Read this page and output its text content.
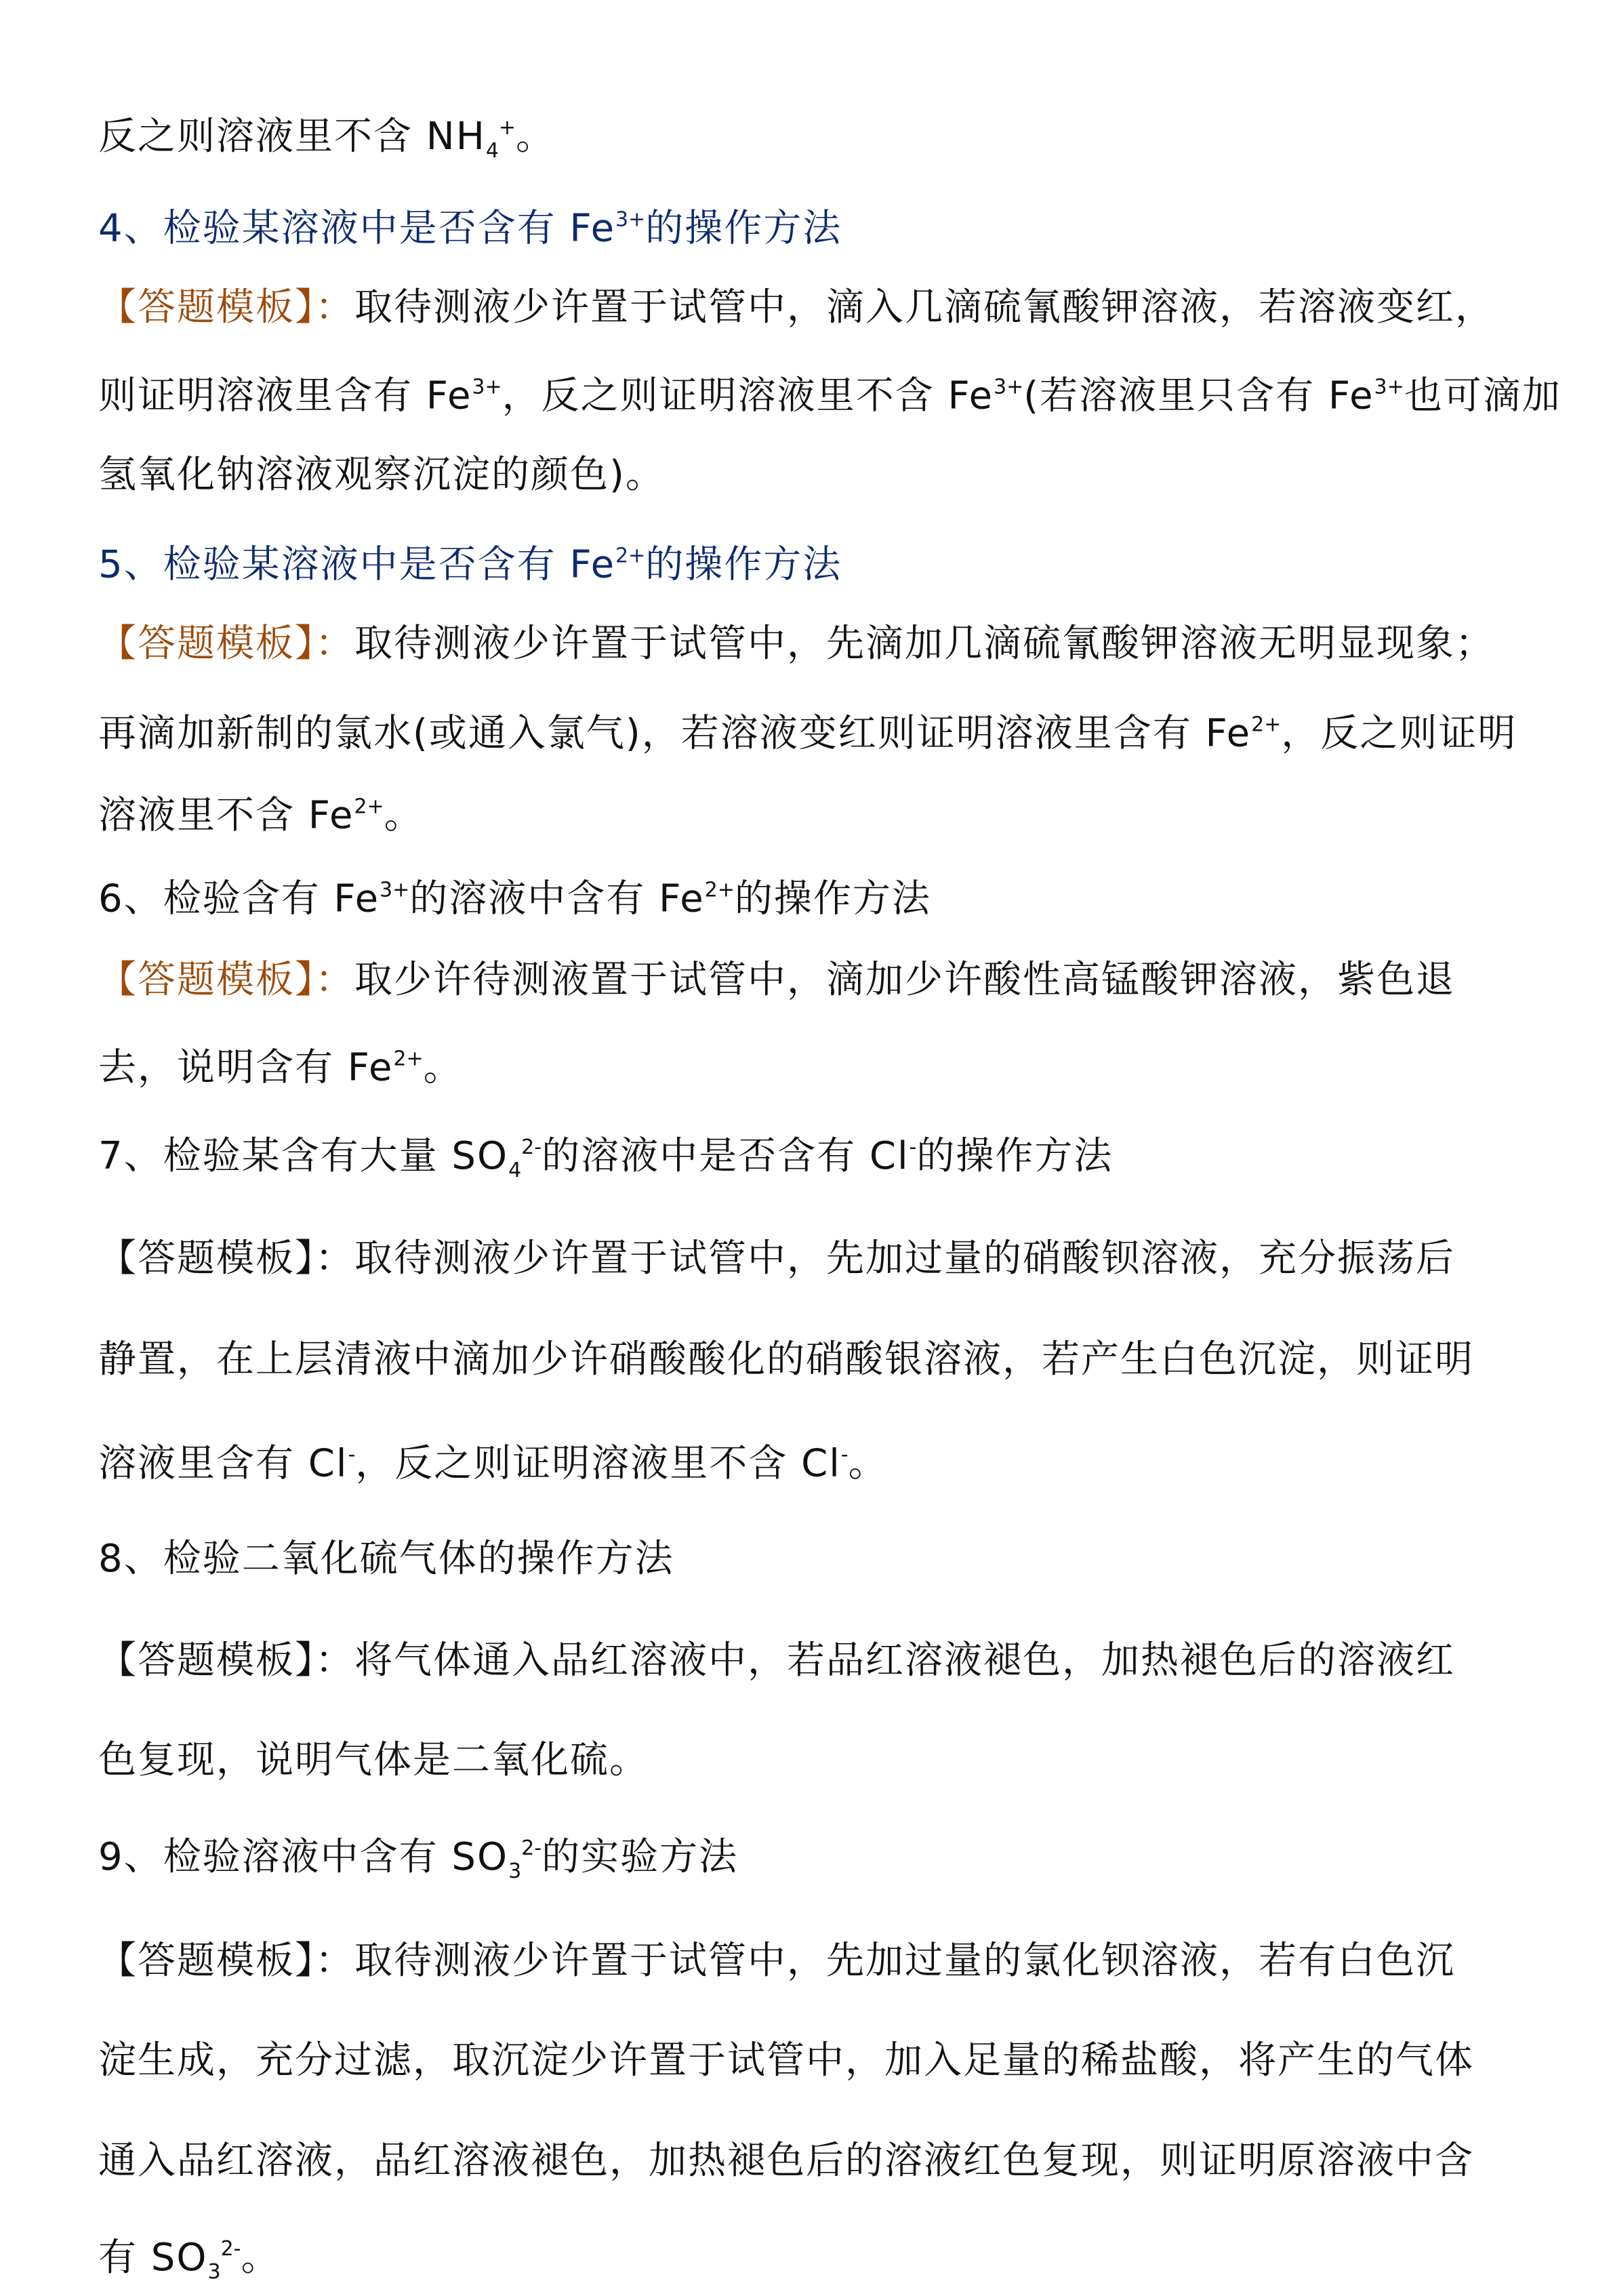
反之则溶液里不含 $NH_4^+$。
4、检验某溶液中是否含有 $Fe^{3+}$的操作方法
【答题模板】：取待测液少许置于试管中，滴入几滴硫氰酸钾溶液，若溶液变红，
则证明溶液里含有 $Fe^{3+}$，反之则证明溶液里不含 $Fe^{3+}$(若溶液里只含有 $Fe^{3+}$也可滴加
氢氧化钠溶液观察沉淀的颜色)。
5、检验某溶液中是否含有 $Fe^{2+}$的操作方法
【答题模板】：取待测液少许置于试管中，先滴加几滴硫氰酸钾溶液无明显现象；
再滴加新制的氯水(或通入氯气)，若溶液变红则证明溶液里含有 $Fe^{2+}$，反之则证明
溶液里不含 $Fe^{2+}$。
6、检验含有 $Fe^{3+}$的溶液中含有 $Fe^{2+}$的操作方法
【答题模板】：取少许待测液置于试管中，滴加少许酸性高锰酸钾溶液，紫色退
去，说明含有 $Fe^{2+}$。
7、检验某含有大量 $SO_4^{2-}$的溶液中是否含有 Cl-的操作方法
【答题模板】：取待测液少许置于试管中，先加过量的硝酸钡溶液，充分振荡后
静置，在上层清液中滴加少许硝酸酸化的硝酸银溶液，若产生白色沉淀，则证明
溶液里含有 Cl-，反之则证明溶液里不含 Cl-。
8、检验二氧化硫气体的操作方法
【答题模板】：将气体通入品红溶液中，若品红溶液褪色，加热褪色后的溶液红
色复现，说明气体是二氧化硫。
9、检验溶液中含有 $SO_3^{2-}$的实验方法
【答题模板】：取待测液少许置于试管中，先加过量的氯化钡溶液，若有白色沉
淀生成，充分过滤，取沉淀少许置于试管中，加入足量的稀盐酸，将产生的气体
通入品红溶液，品红溶液褪色，加热褪色后的溶液红色复现，则证明原溶液中含
有 $SO_3^{2-}$。
